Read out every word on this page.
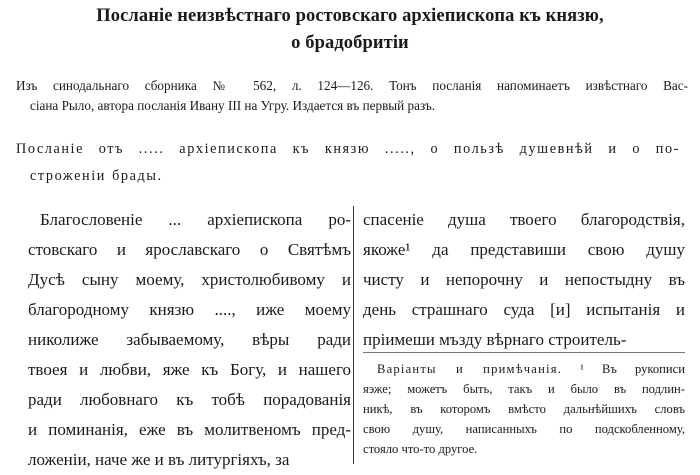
Посланіе неизвѣстнаго ростовскаго архіепископа къ князю,
о брадобритіи
Изъ синодальнаго сборника № 562, л. 124—126. Тонъ посланія напоминаетъ извѣстнаго Вас-
сіана Рыло, автора посланія Ивану III на Угру. Издается въ первый разъ.
Посланіе отъ ..... архіепископа къ князю ....., о пользѣ душевнѣй и о по-
строженіи брады.
Благословеніе ... архіепископа ро-
стовскаго и ярославскаго о Святѣмъ
Дусѣ сыну моему, христолюбивому и
благородному князю ...., иже моему
николиже забываемому, вѣры ради
твоея и любви, яже къ Богу, и нашего
ради любовнаго къ тобѣ порадованія
и поминанія, еже въ молитвеномъ пред-
ложеніи, наче же и въ литургіяхъ, за
спасеніе душа твоего благородствія,
якоже¹ да представиши свою душу
чисту и непорочну и непостыдну въ
день страшнаго суда [и] испытанія и
пріимеши мъзду вѣрнаго строитель-
Варіанты и примѣчанія. ¹ Въ рукописи
яэже; можетъ быть, такъ и было въ подлин-
никѣ, въ которомъ вмѣсто дальнѣйшихъ словъ
свою душу, написанныхъ по подскобленному,
стояло что-то другое.
